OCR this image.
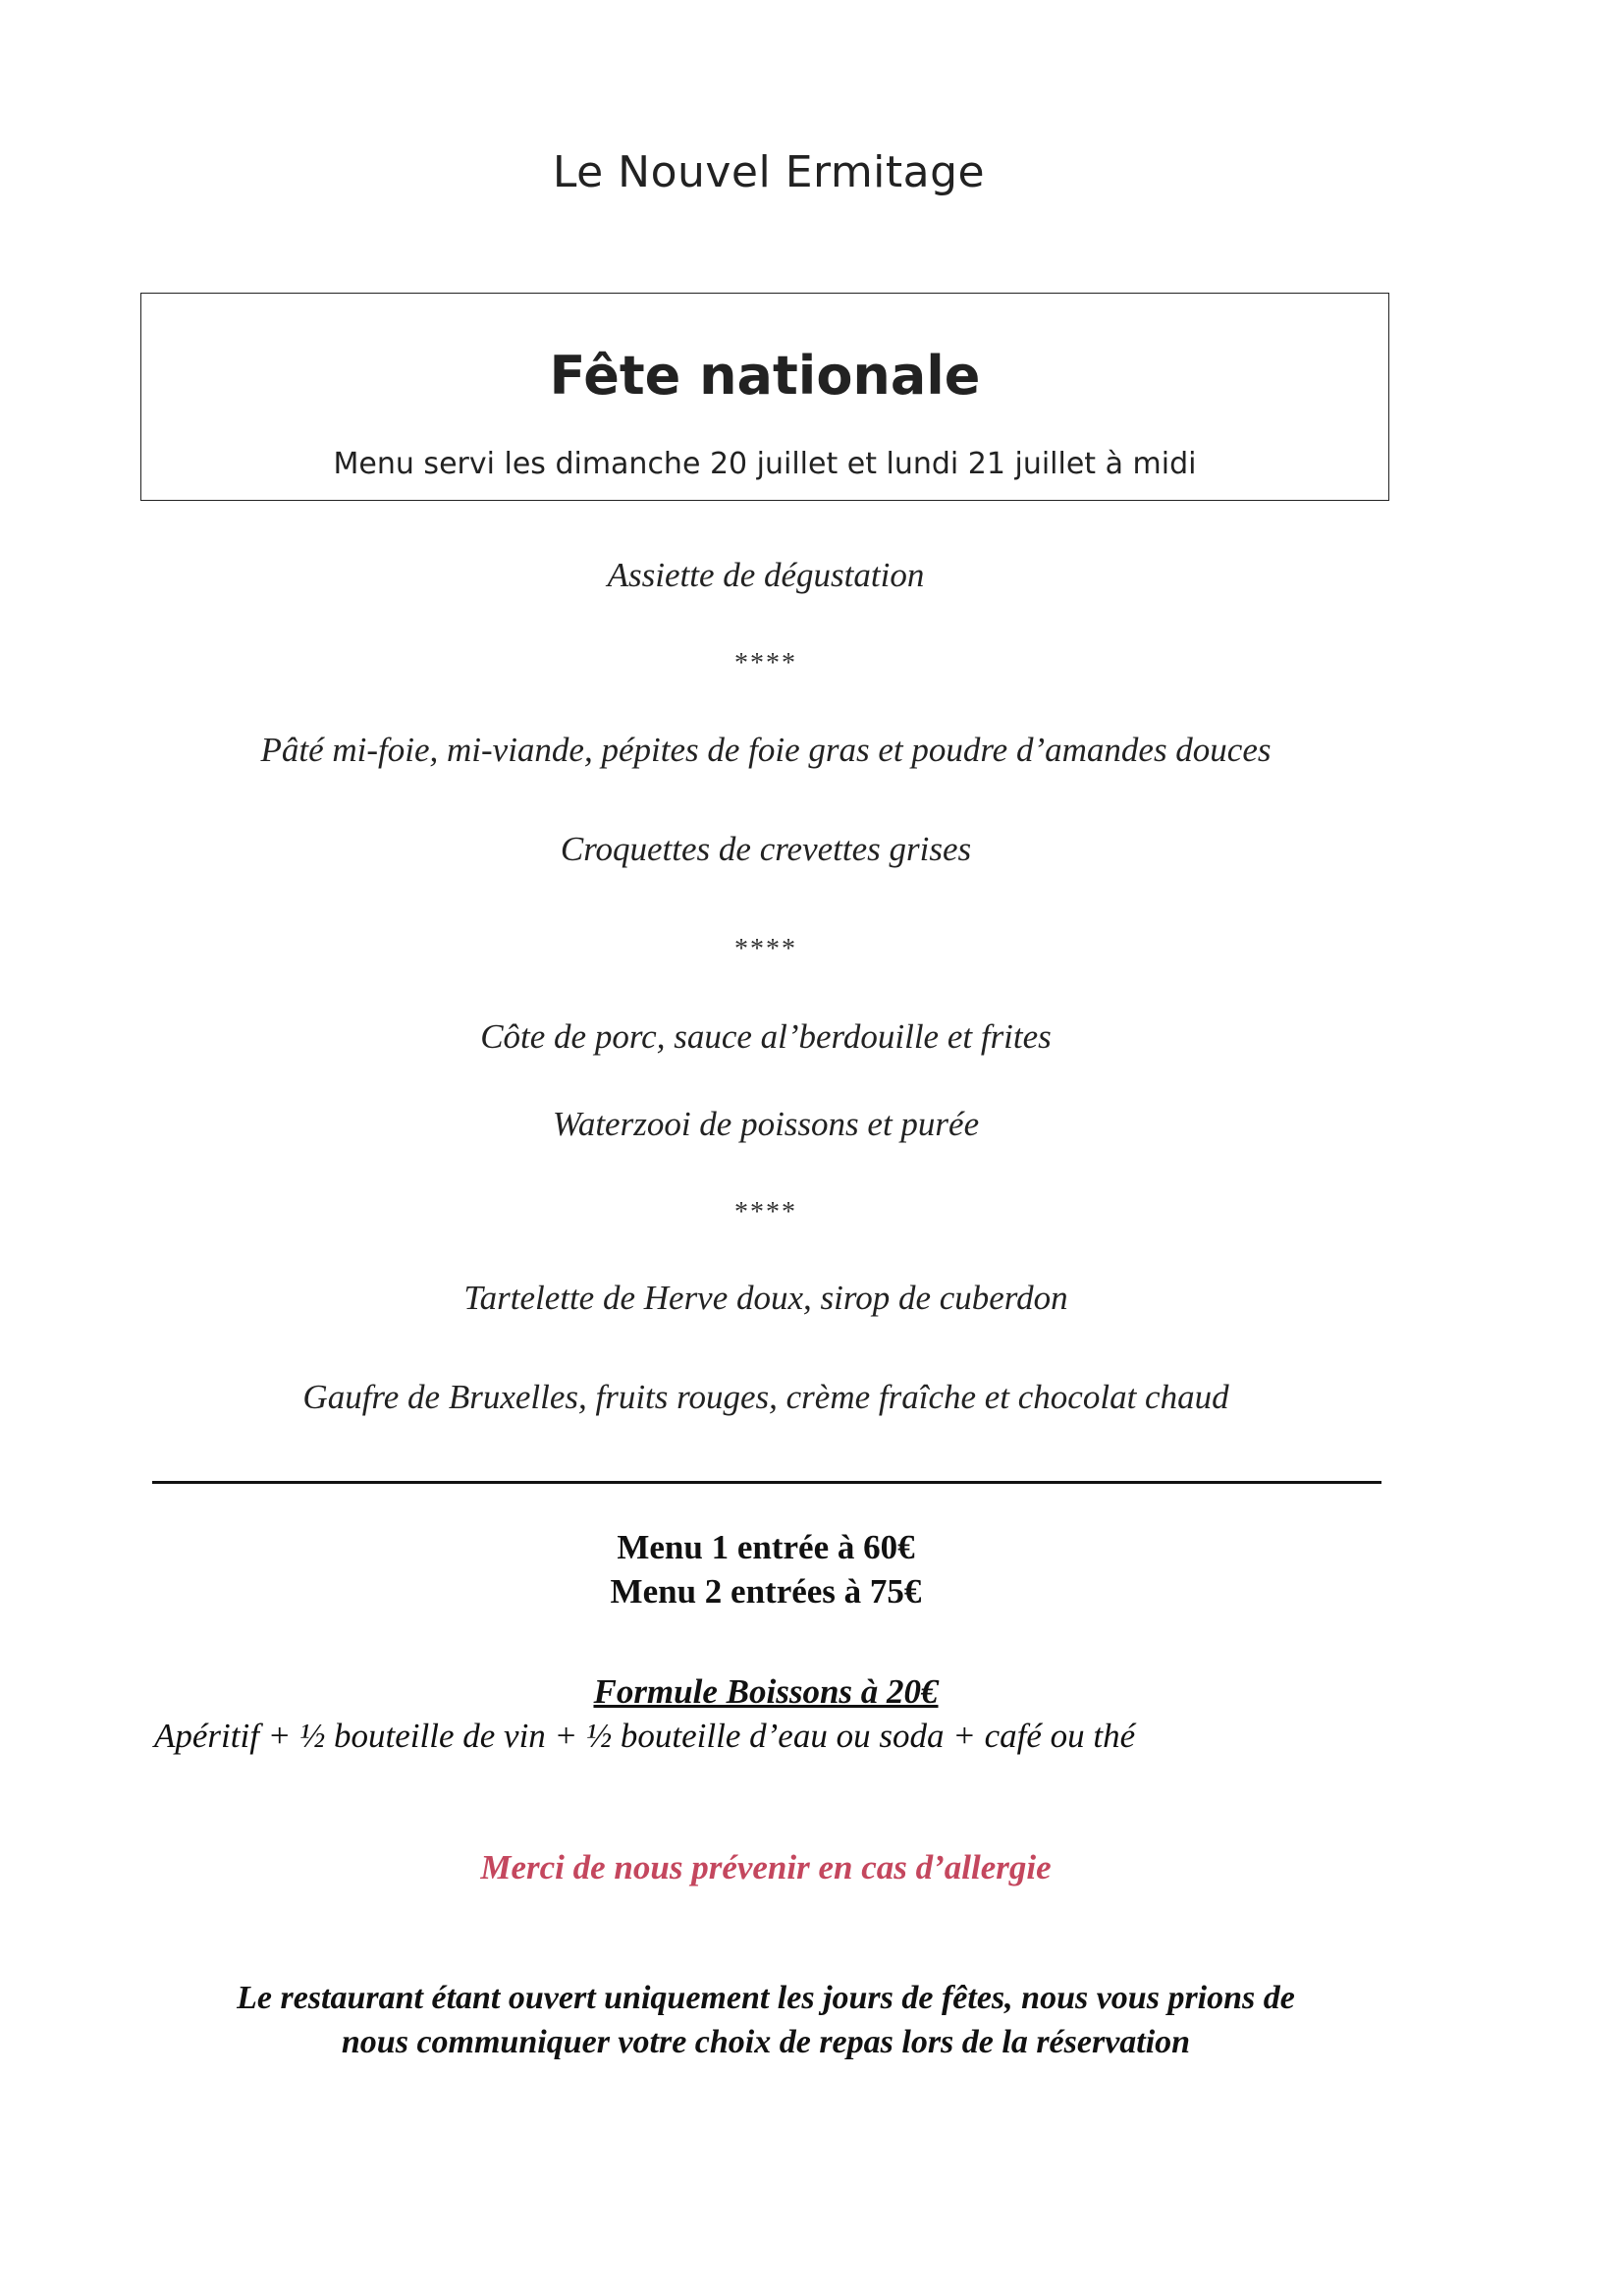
Le Nouvel Ermitage
Fête nationale
Menu servi les dimanche 20 juillet et lundi 21 juillet à midi
Assiette de dégustation
****
Pâté mi-foie, mi-viande, pépites de foie gras et poudre d’amandes douces
Croquettes de crevettes grises
****
Côte de porc, sauce al’berdouille et frites
Waterzooi de poissons et purée
****
Tartelette de Herve doux, sirop de cuberdon
Gaufre de Bruxelles, fruits rouges, crème fraîche et chocolat chaud
Menu 1 entrée à 60€
Menu 2 entrées à 75€
Formule Boissons à 20€
Apéritif + ½ bouteille de vin + ½ bouteille d’eau ou soda + café ou thé
Merci de nous prévenir en cas d’allergie
Le restaurant étant ouvert uniquement les jours de fêtes, nous vous prions de
nous communiquer votre choix de repas lors de la réservation
